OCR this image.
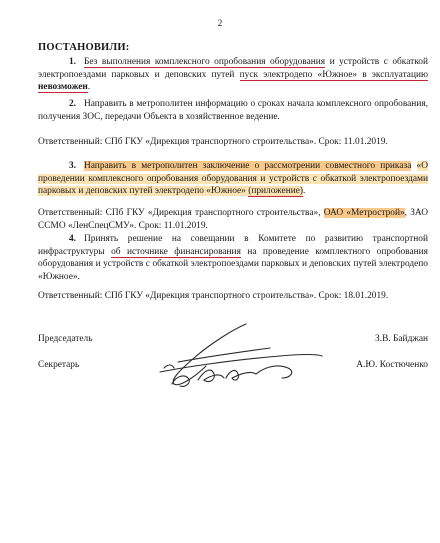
2
ПОСТАНОВИЛИ:
1. Без выполнения комплексного опробования оборудования и устройств с обкаткой электропоездами парковых и деповских путей пуск электродепо «Южное» в эксплуатацию невозможен.
2. Направить в метрополитен информацию о сроках начала комплексного опробования, получения ЗОС, передачи Объекта в хозяйственное ведение.
Ответственный: СПб ГКУ «Дирекция транспортного строительства». Срок: 11.01.2019.
3. Направить в метрополитен заключение о рассмотрении совместного приказа «О проведении комплексного опробования оборудования и устройств с обкаткой электропоездами парковых и деповских путей электродепо «Южное» (приложение).
Ответственный: СПб ГКУ «Дирекция транспортного строительства», ОАО «Метрострой», ЗАО ССМО «ЛенСпецСМУ». Срок: 11.01.2019.
4. Принять решение на совещании в Комитете по развитию транспортной инфраструктуры об источнике финансирования на проведение комплектного опробования оборудования и устройств с обкаткой электропоездами парковых и деповских путей электродепо «Южное».
Ответственный: СПб ГКУ «Дирекция транспортного строительства». Срок: 18.01.2019.
Председатель	З.В. Байджан
Секретарь	А.Ю. Костюченко
